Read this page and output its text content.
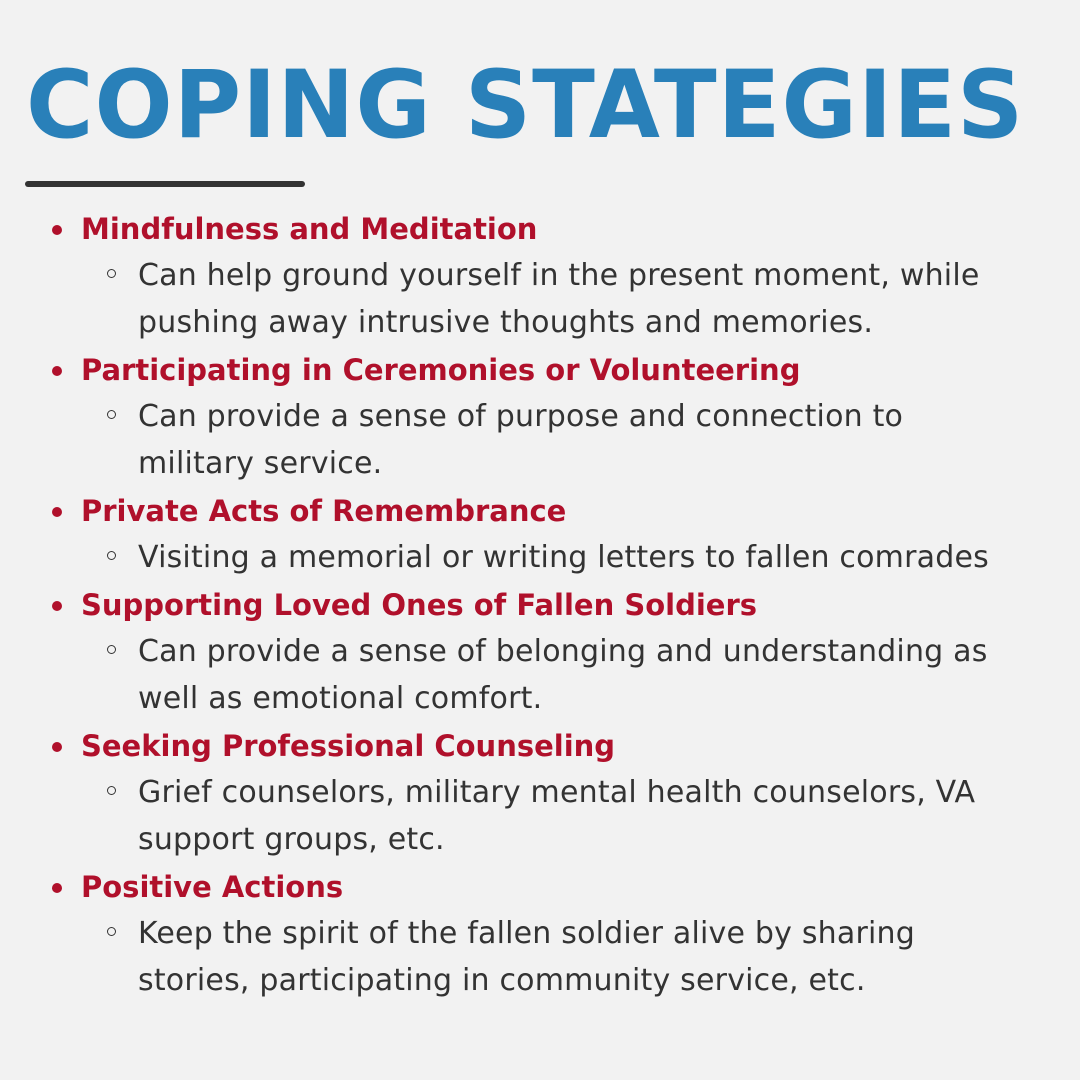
COPING STATEGIES
Mindfulness and Meditation
Can help ground yourself in the present moment, while
pushing away intrusive thoughts and memories.
Participating in Ceremonies or Volunteering
Can provide a sense of purpose and connection to
military service.
Private Acts of Remembrance
Visiting a memorial or writing letters to fallen comrades
Supporting Loved Ones of Fallen Soldiers
Can provide a sense of belonging and understanding as
well as emotional comfort.
Seeking Professional Counseling
Grief counselors, military mental health counselors, VA
support groups, etc.
Positive Actions
Keep the spirit of the fallen soldier alive by sharing
stories, participating in community service, etc.
